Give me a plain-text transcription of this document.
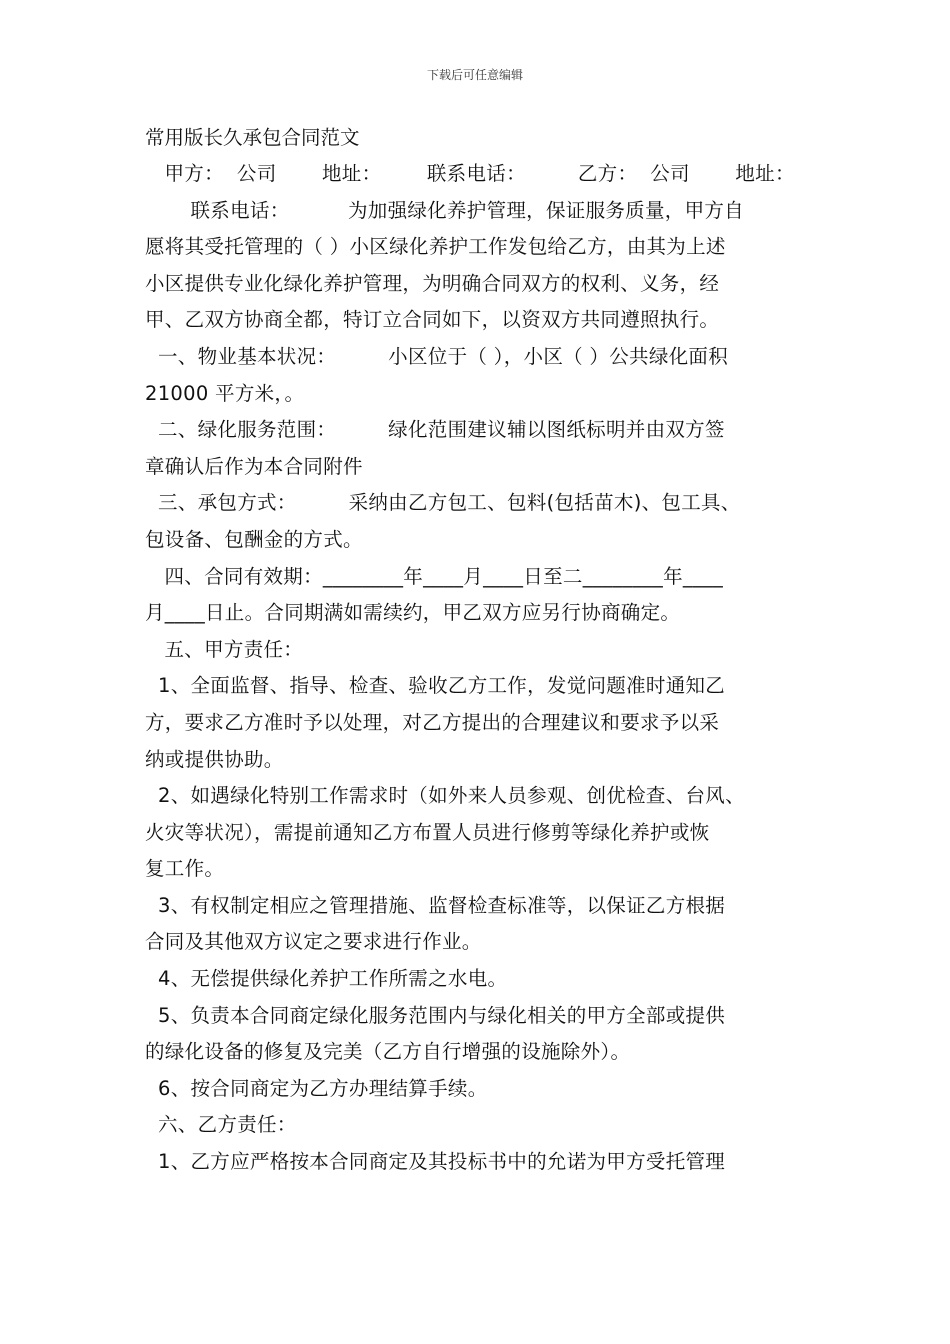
下载后可任意编辑
常用版长久承包合同范文
甲方：  公司       地址：       联系电话：        乙方：  公司       地址：
联系电话：         为加强绿化养护管理，保证服务质量，甲方自
愿将其受托管理的（ ）小区绿化养护工作发包给乙方，由其为上述
小区提供专业化绿化养护管理，为明确合同双方的权利、义务，经
甲、乙双方协商全都，特订立合同如下，以资双方共同遵照执行。
一、物业基本状况：        小区位于（ ），小区（ ）公共绿化面积
21000 平方米，。
二、绿化服务范围：        绿化范围建议辅以图纸标明并由双方签
章确认后作为本合同附件
三、承包方式：        采纳由乙方包工、包料(包括苗木)、包工具、
包设备、包酬金的方式。
四、合同有效期：________年____月____日至二________年____
月____日止。合同期满如需续约，甲乙双方应另行协商确定。
五、甲方责任：
1、全面监督、指导、检查、验收乙方工作，发觉问题准时通知乙
方，要求乙方准时予以处理，对乙方提出的合理建议和要求予以采
纳或提供协助。
2、如遇绿化特别工作需求时（如外来人员参观、创优检查、台风、
火灾等状况），需提前通知乙方布置人员进行修剪等绿化养护或恢
复工作。
3、有权制定相应之管理措施、监督检查标准等，以保证乙方根据
合同及其他双方议定之要求进行作业。
4、无偿提供绿化养护工作所需之水电。
5、负责本合同商定绿化服务范围内与绿化相关的甲方全部或提供
的绿化设备的修复及完美（乙方自行增强的设施除外）。
6、按合同商定为乙方办理结算手续。
六、乙方责任：
1、乙方应严格按本合同商定及其投标书中的允诺为甲方受托管理
